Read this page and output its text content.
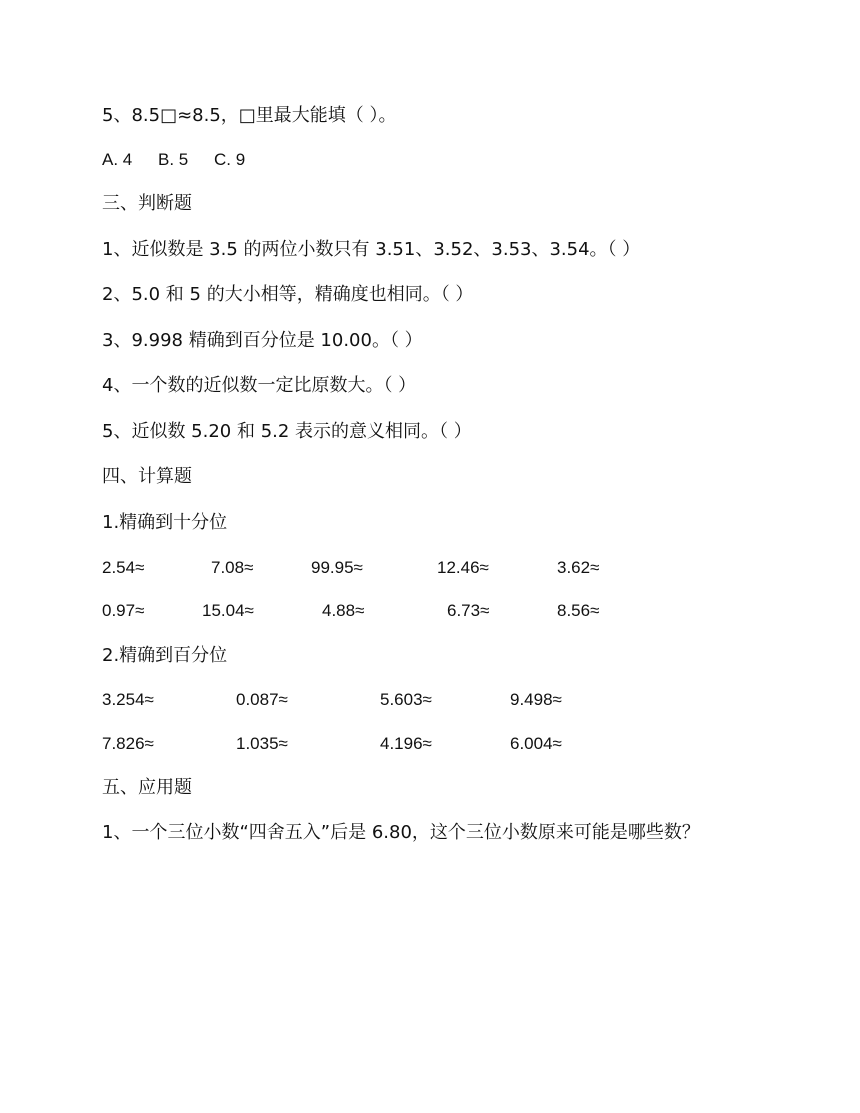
5、8.5□≈8.5，□里最大能填（ ）。
A. 4 B. 5 C. 9
三、判断题
1、近似数是 3.5 的两位小数只有 3.51、3.52、3.53、3.54。（ ）
2、5.0 和 5 的大小相等，精确度也相同。（ ）
3、9.998 精确到百分位是 10.00。（ ）
4、一个数的近似数一定比原数大。（ ）
5、近似数 5.20 和 5.2 表示的意义相同。（ ）
四、计算题
1.精确到十分位
2.54≈	7.08≈	99.95≈	12.46≈	3.62≈
0.97≈	15.04≈	4.88≈	6.73≈	8.56≈
2.精确到百分位
3.254≈	0.087≈	5.603≈	9.498≈
7.826≈	1.035≈	4.196≈	6.004≈
五、应用题
1、一个三位小数“四舍五入”后是 6.80，这个三位小数原来可能是哪些数？
